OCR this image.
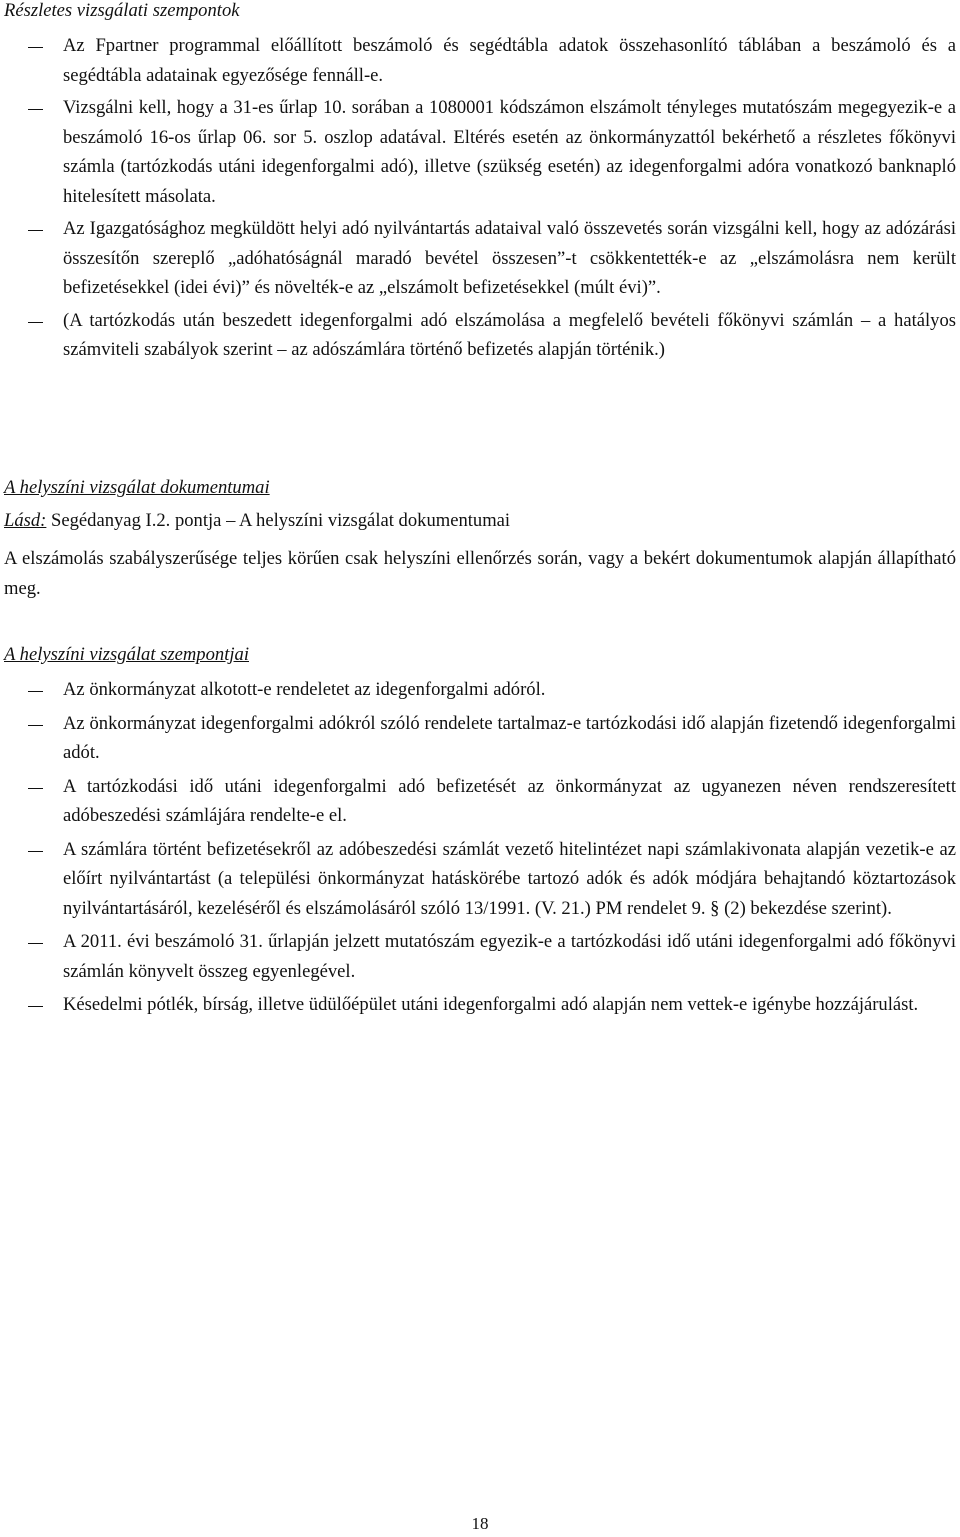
Részletes vizsgálati szempontok
Az Fpartner programmal előállított beszámoló és segédtábla adatok összehasonlító táblában a beszámoló és a segédtábla adatainak egyezősége fennáll-e.
Vizsgálni kell, hogy a 31-es űrlap 10. sorában a 1080001 kódszámon elszámolt tényleges mutatószám megegyezik-e a beszámoló 16-os űrlap 06. sor 5. oszlop adatával. Eltérés esetén az önkormányzattól bekérhető a részletes főkönyvi számla (tartózkodás utáni idegenforgalmi adó), illetve (szükség esetén) az idegenforgalmi adóra vonatkozó banknapló hitelesített másolata.
Az Igazgatósághoz megküldött helyi adó nyilvántartás adataival való összevetés során vizsgálni kell, hogy az adózárási összesítőn szereplő „adóhatóságnál maradó bevétel összesen”-t csökkentették-e az „elszámolásra nem került befizetésekkel (idei évi)” és növelték-e az „elszámolt befizetésekkel (múlt évi)”.
(A tartózkodás után beszedett idegenforgalmi adó elszámolása a megfelelő bevételi főkönyvi számlán – a hatályos számviteli szabályok szerint – az adószámlára történő befizetés alapján történik.)
A helyszíni vizsgálat dokumentumai
Lásd: Segédanyag I.2. pontja – A helyszíni vizsgálat dokumentumai
A elszámolás szabályszerűsége teljes körűen csak helyszíni ellenőrzés során, vagy a bekért dokumentumok alapján állapítható meg.
A helyszíni vizsgálat szempontjai
Az önkormányzat alkotott-e rendeletet az idegenforgalmi adóról.
Az önkormányzat idegenforgalmi adókról szóló rendelete tartalmaz-e tartózkodási idő alapján fizetendő idegenforgalmi adót.
A tartózkodási idő utáni idegenforgalmi adó befizetését az önkormányzat az ugyanezen néven rendszeresített adóbeszedési számlájára rendelte-e el.
A számlára történt befizetésekről az adóbeszedési számlát vezető hitelintézet napi számlakivonata alapján vezetik-e az előírt nyilvántartást (a települési önkormányzat hatáskörébe tartozó adók és adók módjára behajtandó köztartozások nyilvántartásáról, kezeléséről és elszámolásáról szóló 13/1991. (V. 21.) PM rendelet 9. § (2) bekezdése szerint).
A 2011. évi beszámoló 31. űrlapján jelzett mutatószám egyezik-e a tartózkodási idő utáni idegenforgalmi adó főkönyvi számlán könyvelt összeg egyenlegével.
Késedelmi pótlék, bírság, illetve üdülőépület utáni idegenforgalmi adó alapján nem vettek-e igénybe hozzájárulást.
18
